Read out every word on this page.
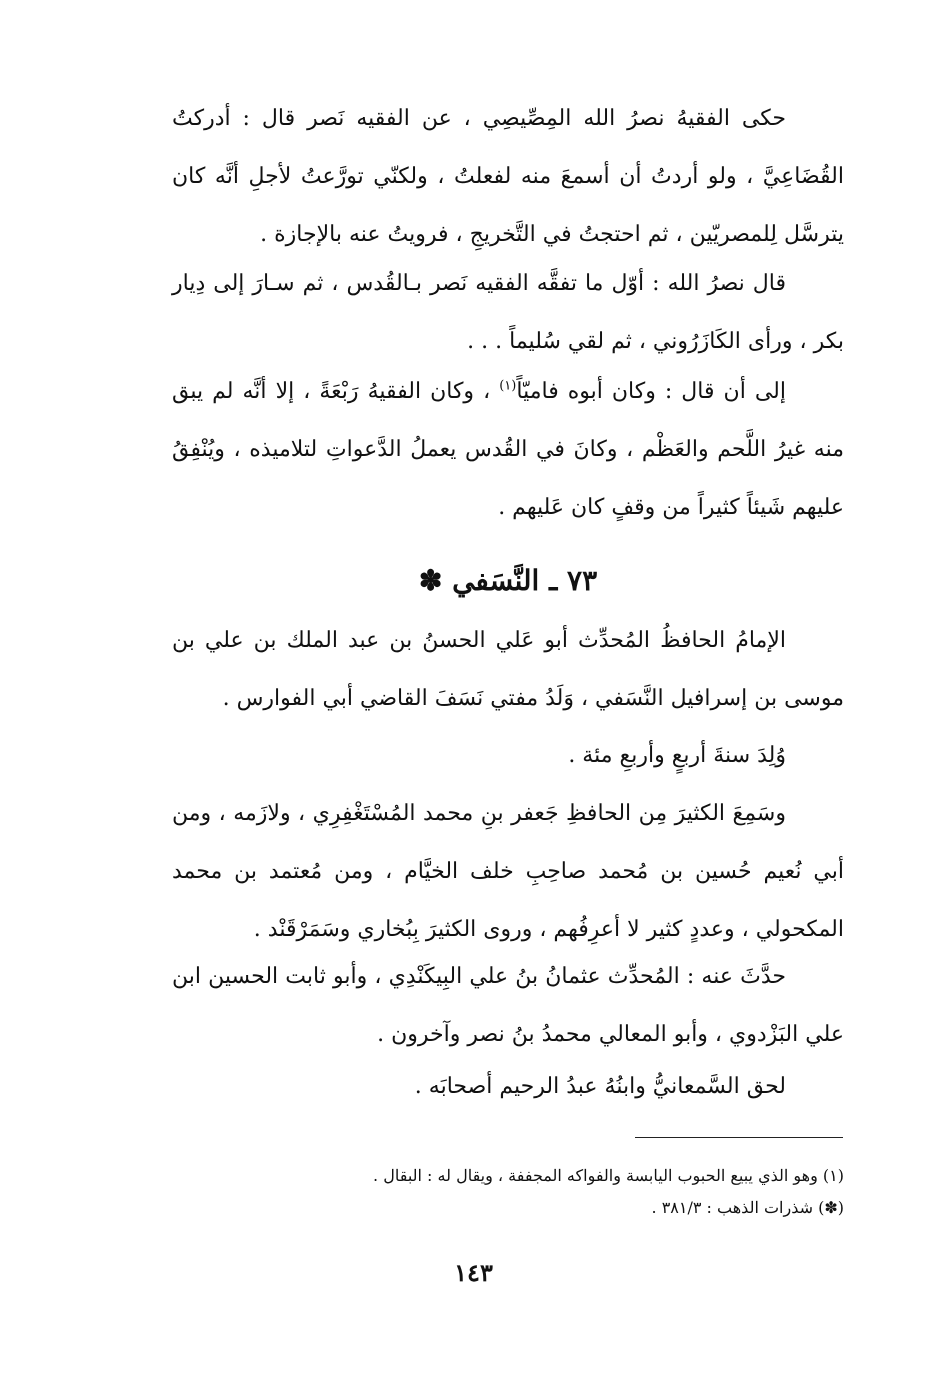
حكى الفقيهُ نصرُ الله المِصِّيصِي ، عن الفقيه نَصر قال : أدركتُ القُضَاعِيَّ ، ولو أردتُ أن أسمعَ منه لفعلتُ ، ولكنّي تورَّعتُ لأجلِ أنَّه كان يترسَّل لِلمصريّين ، ثم احتجتُ في التَّخريجِ ، فرويتُ عنه بالإجازة .

قال نصرُ الله : أوّل ما تفقَّه الفقيه نَصر بـالقُدس ، ثم سـارَ إلى دِيار بكر ، ورأى الكَازَرُوني ، ثم لقي سُليماً . . .

إلى أن قال : وكان أبوه فاميّاً$^{(١)}$ ، وكان الفقيهُ رَبْعَةً ، إلا أنَّه لم يبق منه غيرُ اللَّحم والعَظْم ، وكانَ في القُدس يعملُ الدَّعواتِ لتلاميذه ، ويُنْفِقُ عليهم شَيئاً كثيراً من وقفٍ كان عَليهم .

٧٣ ـ النَّسَفي ✽

الإمامُ الحافظُ المُحدِّث أبو عَلي الحسنُ بن عبد الملك بن علي بن موسى بن إسرافيل النَّسَفي ، وَلَدُ مفتي نَسَفَ القاضي أبي الفوارس .

وُلِدَ سنةَ أربعٍ وأربعِ مئة .

وسَمِعَ الكثيرَ مِن الحافظِ جَعفر بنِ محمد المُسْتَغْفِرِي ، ولازَمه ، ومن أبي نُعيم حُسين بن مُحمد صاحِبِ خلف الخيَّام ، ومن مُعتمد بن محمد المكحولي ، وعددٍ كثير لا أعرِفُهم ، وروى الكثيرَ بِبُخاري وسَمَرْقَنْد .

حدَّثَ عنه : المُحدِّث عثمانُ بنُ علي البِيكَنْدِي ، وأبو ثابت الحسين ابن علي البَزْدوي ، وأبو المعالي محمدُ بنُ نصر وآخرون .

لحق السَّمعانيُّ وابنُهُ عبدُ الرحيم أصحابَه .

(١) وهو الذي يبيع الحبوب اليابسة والفواكه المجففة ، ويقال له : البقال .

(✽) شذرات الذهب : ٣٨١/٣ .

١٤٣
